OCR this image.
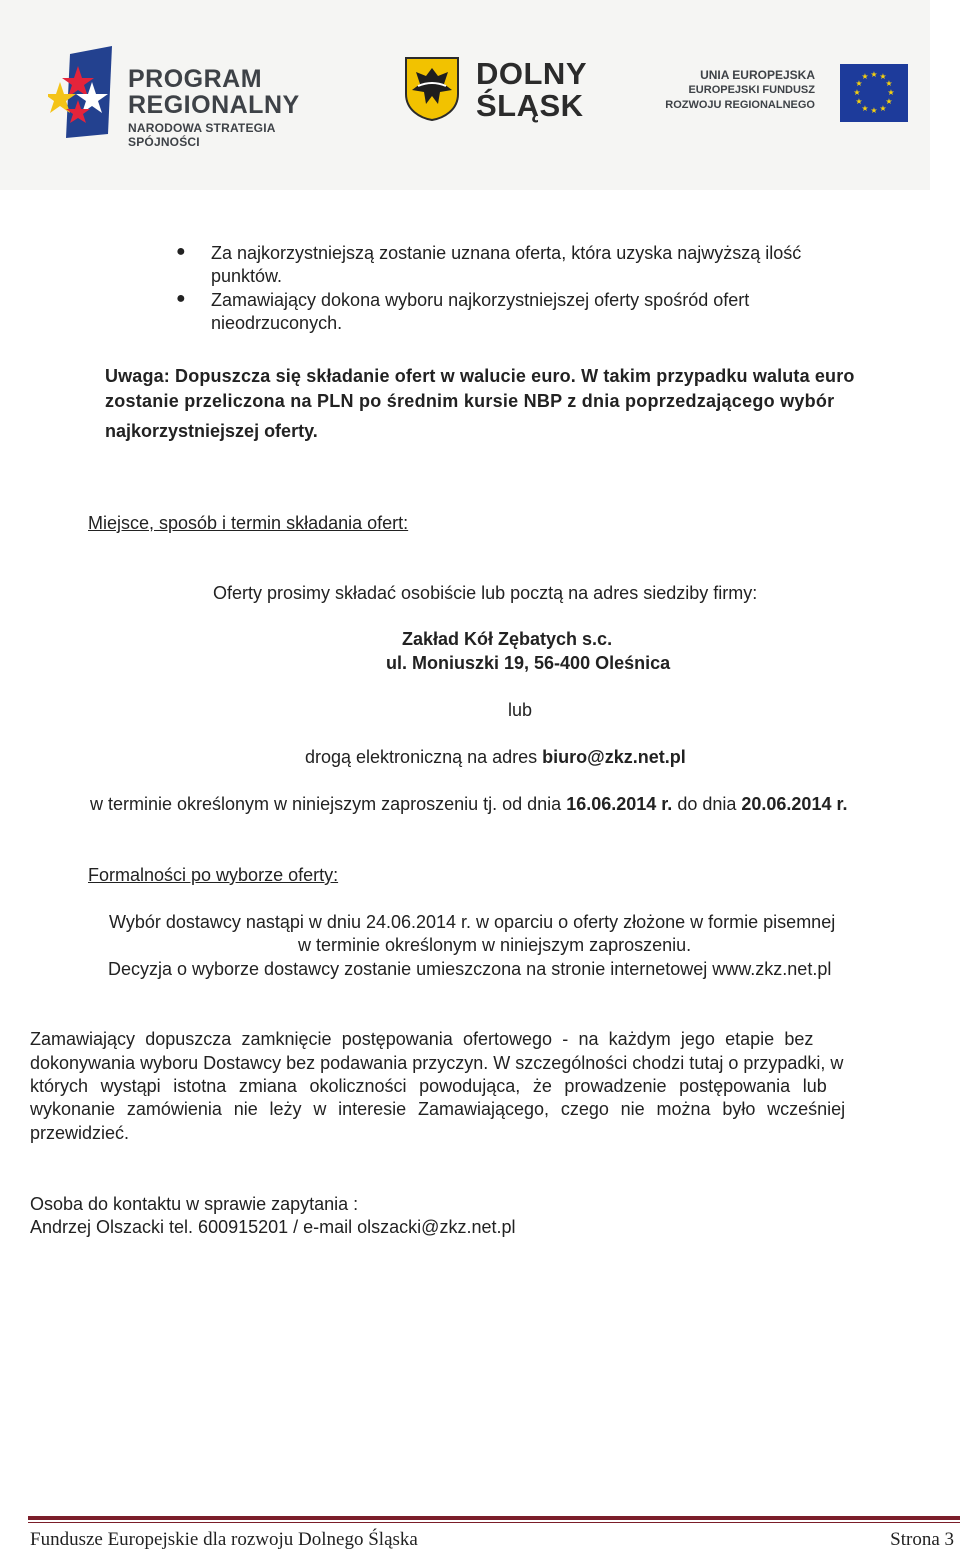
PROGRAM
REGIONALNY
NARODOWA STRATEGIA SPÓJNOŚCI
DOLNY
ŚLĄSK
UNIA EUROPEJSKA
EUROPEJSKI FUNDUSZ
ROZWOJU REGIONALNEGO
★ ★
★
★
★
★
★
★
★
★
★
★
● Za najkorzystniejszą zostanie uznana oferta, która uzyska najwyższą ilość
punktów.
● Zamawiający dokona wyboru najkorzystniejszej oferty spośród ofert
nieodrzuconych.
Uwaga: Dopuszcza się składanie ofert w walucie euro. W takim przypadku waluta euro
zostanie przeliczona na PLN po średnim kursie NBP z dnia poprzedzającego wybór
najkorzystniejszej oferty.
Miejsce, sposób i termin składania ofert:
Oferty prosimy składać osobiście lub pocztą na adres siedziby firmy:
Zakład Kół Zębatych s.c.
ul. Moniuszki 19, 56-400 Oleśnica
lub
drogą elektroniczną na adres biuro@zkz.net.pl
w terminie określonym w niniejszym zaproszeniu tj. od dnia 16.06.2014 r. do dnia 20.06.2014 r.
Formalności po wyborze oferty:
Wybór dostawcy nastąpi w dniu 24.06.2014 r. w oparciu o oferty złożone w formie pisemnej
w terminie określonym w niniejszym zaproszeniu.
Decyzja o wyborze dostawcy zostanie umieszczona na stronie internetowej www.zkz.net.pl
Zamawiający dopuszcza zamknięcie postępowania ofertowego - na każdym jego etapie bez
dokonywania wyboru Dostawcy bez podawania przyczyn. W szczególności chodzi tutaj o przypadki, w
których wystąpi istotna zmiana okoliczności powodująca, że prowadzenie postępowania lub
wykonanie zamówienia nie leży w interesie Zamawiającego, czego nie można było wcześniej
przewidzieć.
Osoba do kontaktu w sprawie zapytania :
Andrzej Olszacki tel. 600915201 / e-mail olszacki@zkz.net.pl
Fundusze Europejskie dla rozwoju Dolnego Śląska	Strona 3
